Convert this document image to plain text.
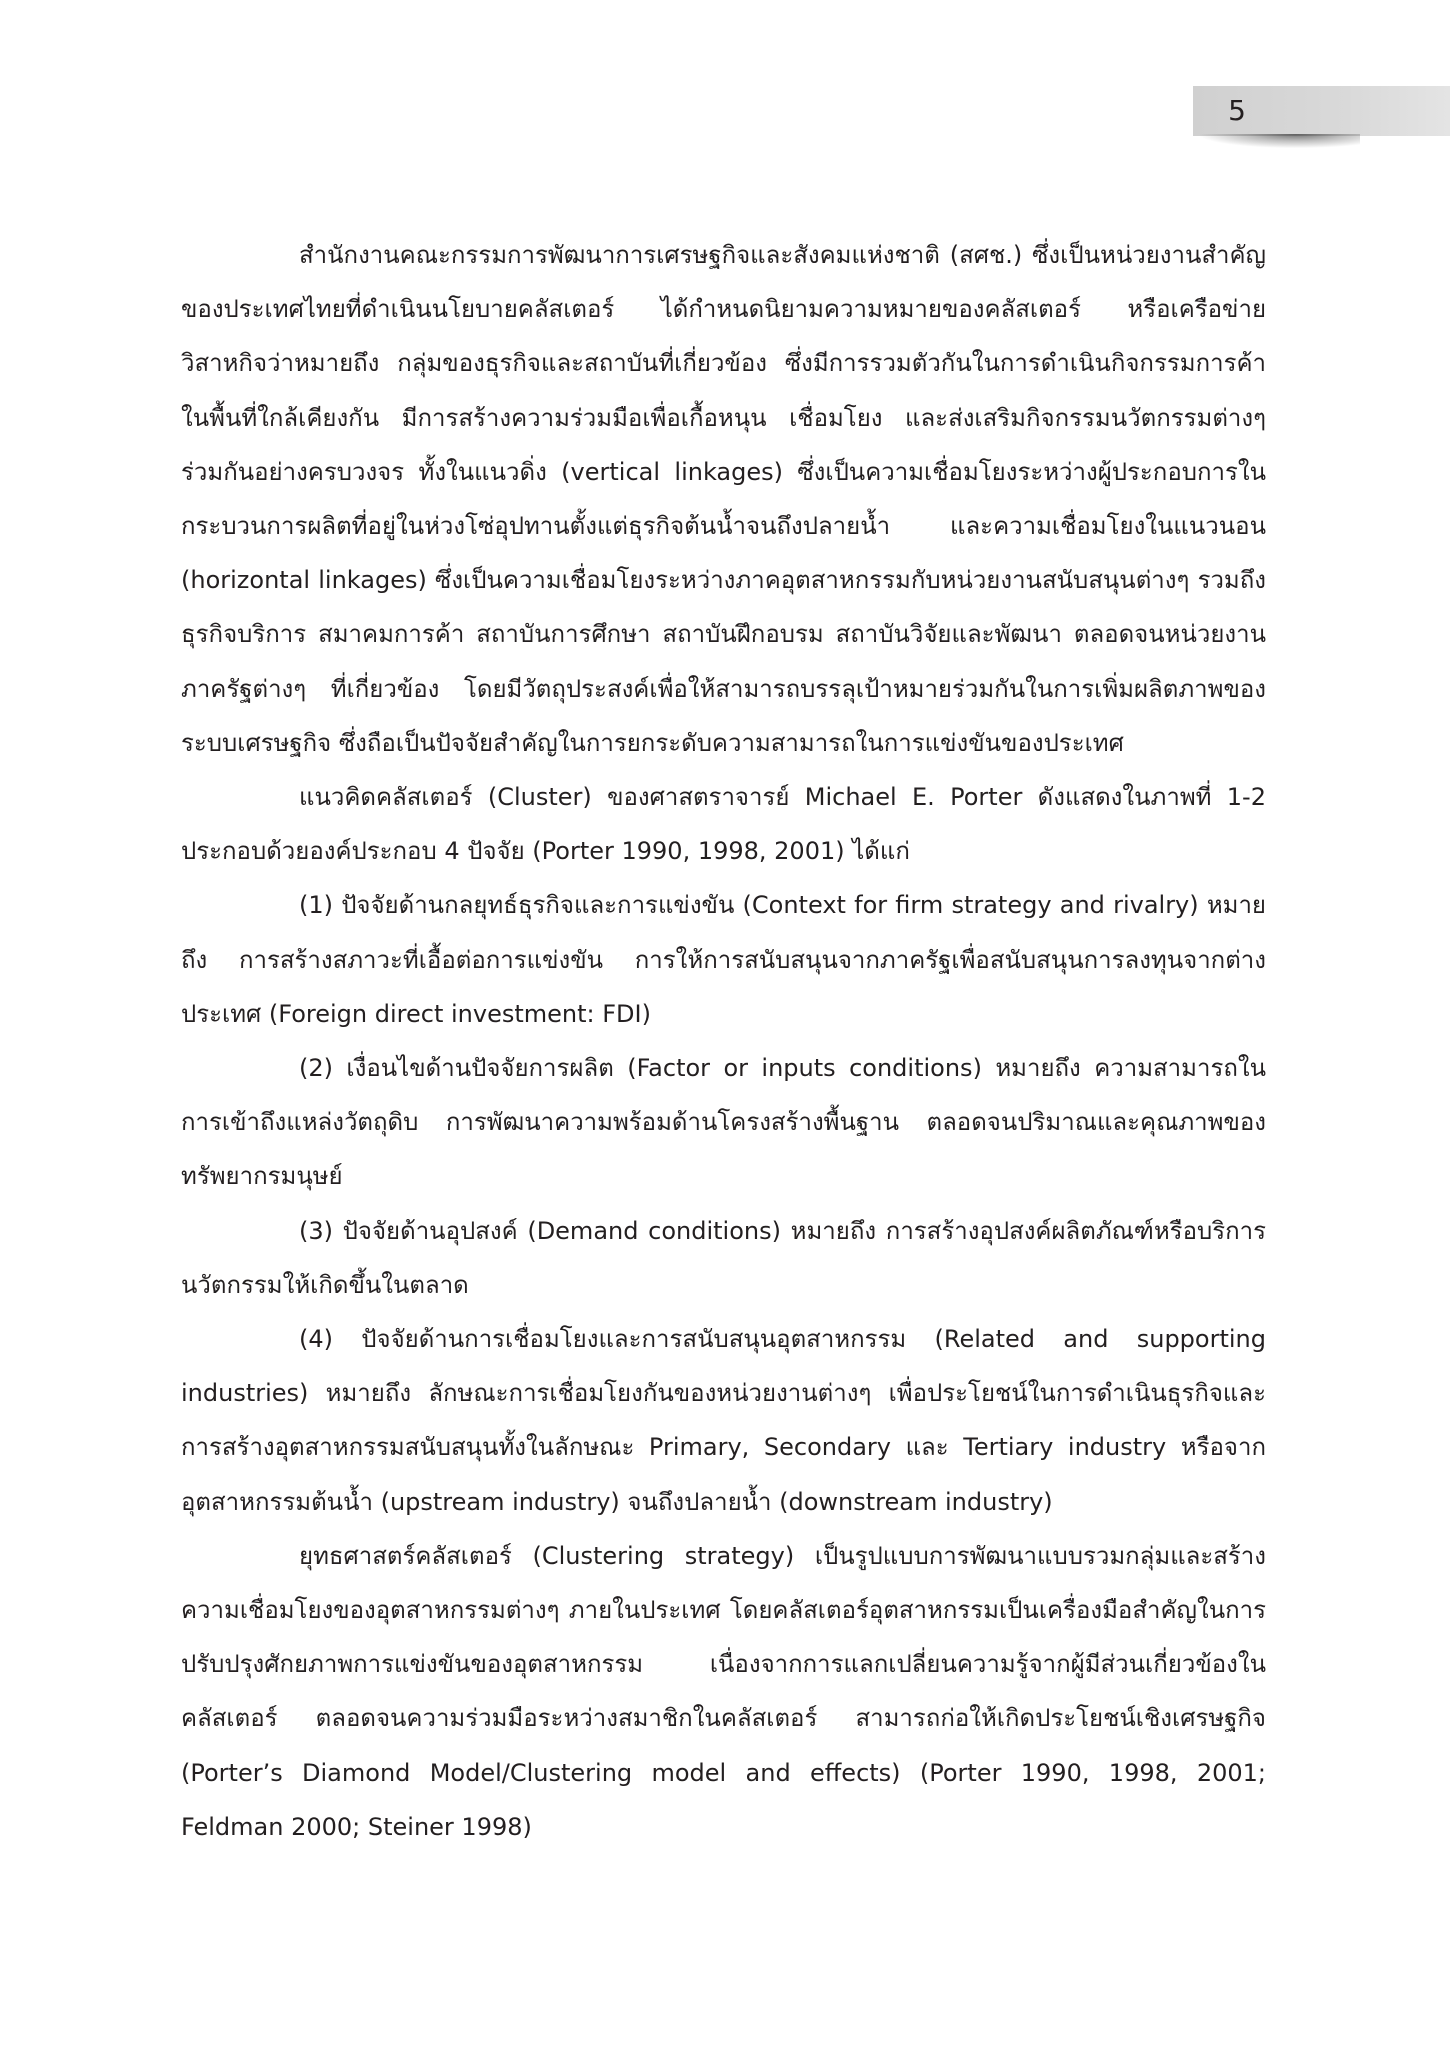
5

สำนักงานคณะกรรมการพัฒนาการเศรษฐกิจและสังคมแห่งชาติ (สศช.) ซึ่งเป็นหน่วยงานสำคัญของประเทศไทยที่ดำเนินนโยบายคลัสเตอร์ ได้กำหนดนิยามความหมายของคลัสเตอร์ หรือเครือข่ายวิสาหกิจว่าหมายถึง กลุ่มของธุรกิจและสถาบันที่เกี่ยวข้อง ซึ่งมีการรวมตัวกันในการดำเนินกิจกรรมการค้าในพื้นที่ใกล้เคียงกัน มีการสร้างความร่วมมือเพื่อเกื้อหนุน เชื่อมโยง และส่งเสริมกิจกรรมนวัตกรรมต่างๆ ร่วมกันอย่างครบวงจร ทั้งในแนวดิ่ง (vertical linkages) ซึ่งเป็นความเชื่อมโยงระหว่างผู้ประกอบการในกระบวนการผลิตที่อยู่ในห่วงโซ่อุปทานตั้งแต่ธุรกิจต้นน้ำจนถึงปลายน้ำ และความเชื่อมโยงในแนวนอน (horizontal linkages) ซึ่งเป็นความเชื่อมโยงระหว่างภาคอุตสาหกรรมกับหน่วยงานสนับสนุนต่างๆ รวมถึงธุรกิจบริการ สมาคมการค้า สถาบันการศึกษา สถาบันฝึกอบรม สถาบันวิจัยและพัฒนา ตลอดจนหน่วยงานภาครัฐต่างๆ ที่เกี่ยวข้อง โดยมีวัตถุประสงค์เพื่อให้สามารถบรรลุเป้าหมายร่วมกันในการเพิ่มผลิตภาพของระบบเศรษฐกิจ ซึ่งถือเป็นปัจจัยสำคัญในการยกระดับความสามารถในการแข่งขันของประเทศ

แนวคิดคลัสเตอร์ (Cluster) ของศาสตราจารย์ Michael E. Porter ดังแสดงในภาพที่ 1-2 ประกอบด้วยองค์ประกอบ 4 ปัจจัย (Porter 1990, 1998, 2001) ได้แก่

(1) ปัจจัยด้านกลยุทธ์ธุรกิจและการแข่งขัน (Context for firm strategy and rivalry) หมายถึง การสร้างสภาวะที่เอื้อต่อการแข่งขัน การให้การสนับสนุนจากภาครัฐเพื่อสนับสนุนการลงทุนจากต่างประเทศ (Foreign direct investment: FDI)

(2) เงื่อนไขด้านปัจจัยการผลิต (Factor or inputs conditions) หมายถึง ความสามารถในการเข้าถึงแหล่งวัตถุดิบ การพัฒนาความพร้อมด้านโครงสร้างพื้นฐาน ตลอดจนปริมาณและคุณภาพของทรัพยากรมนุษย์

(3) ปัจจัยด้านอุปสงค์ (Demand conditions) หมายถึง การสร้างอุปสงค์ผลิตภัณฑ์หรือบริการนวัตกรรมให้เกิดขึ้นในตลาด

(4) ปัจจัยด้านการเชื่อมโยงและการสนับสนุนอุตสาหกรรม (Related and supporting industries) หมายถึง ลักษณะการเชื่อมโยงกันของหน่วยงานต่างๆ เพื่อประโยชน์ในการดำเนินธุรกิจและการสร้างอุตสาหกรรมสนับสนุนทั้งในลักษณะ Primary, Secondary และ Tertiary industry หรือจากอุตสาหกรรมต้นน้ำ (upstream industry) จนถึงปลายน้ำ (downstream industry)

ยุทธศาสตร์คลัสเตอร์ (Clustering strategy) เป็นรูปแบบการพัฒนาแบบรวมกลุ่มและสร้างความเชื่อมโยงของอุตสาหกรรมต่างๆ ภายในประเทศ โดยคลัสเตอร์อุตสาหกรรมเป็นเครื่องมือสำคัญในการปรับปรุงศักยภาพการแข่งขันของอุตสาหกรรม เนื่องจากการแลกเปลี่ยนความรู้จากผู้มีส่วนเกี่ยวข้องในคลัสเตอร์ ตลอดจนความร่วมมือระหว่างสมาชิกในคลัสเตอร์ สามารถก่อให้เกิดประโยชน์เชิงเศรษฐกิจ (Porter’s Diamond Model/Clustering model and effects) (Porter 1990, 1998, 2001; Feldman 2000; Steiner 1998)
